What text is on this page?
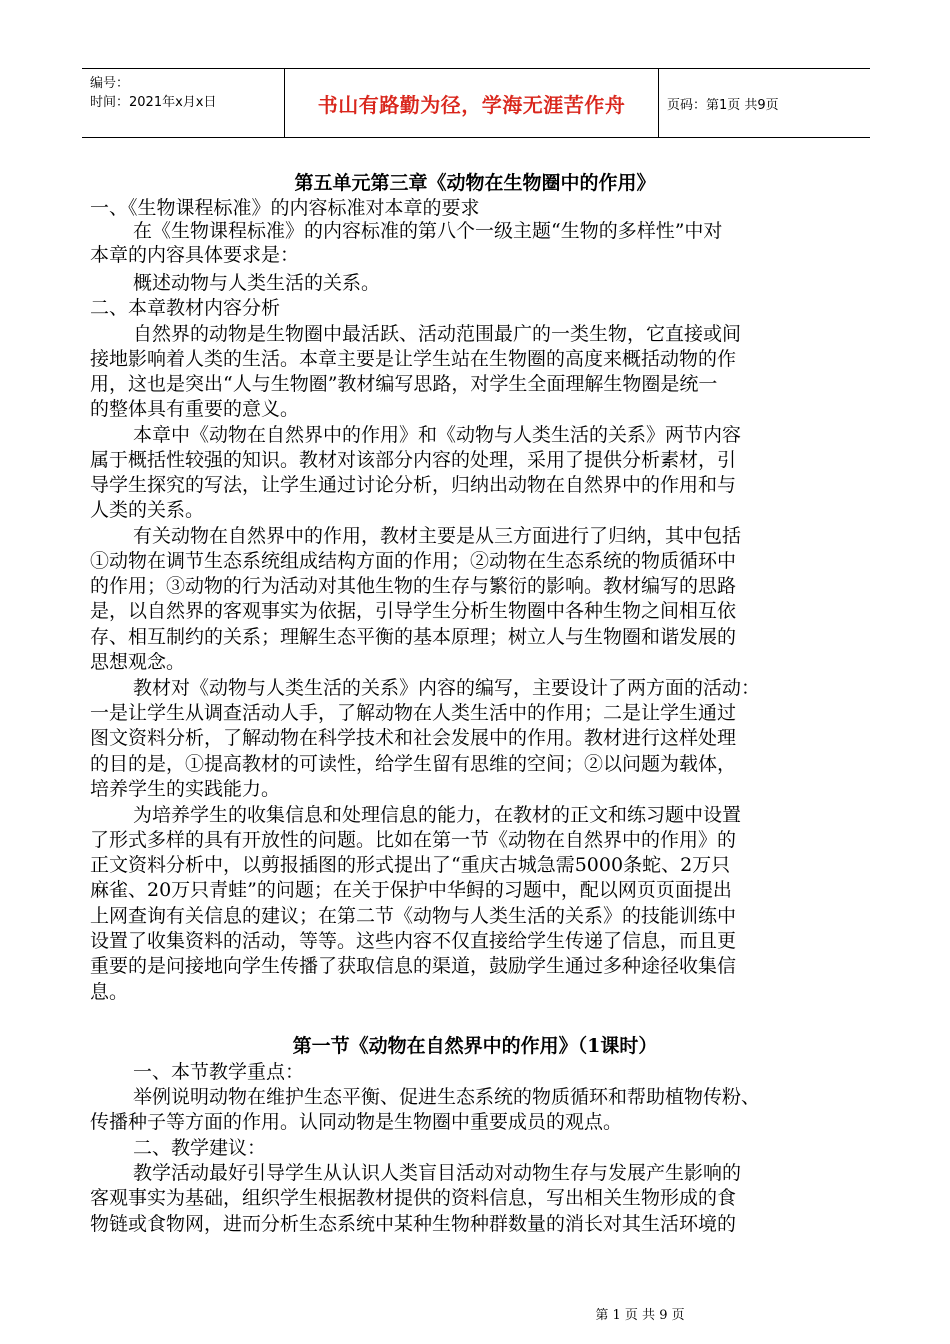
编号：
时间：2021年x月x日	书山有路勤为径，学海无涯苦作舟	页码：第1页 共9页
第五单元第三章《动物在生物圈中的作用》
一、《生物课程标准》的内容标准对本章的要求
在《生物课程标准》的内容标准的第八个一级主题“生物的多样性”中对
本章的内容具体要求是：
概述动物与人类生活的关系。
二、本章教材内容分析
自然界的动物是生物圈中最活跃、活动范围最广的一类生物，它直接或间
接地影响着人类的生活。本章主要是让学生站在生物圈的高度来概括动物的作
用，这也是突出“人与生物圈”教材编写思路，对学生全面理解生物圈是统一
的整体具有重要的意义。
本章中《动物在自然界中的作用》和《动物与人类生活的关系》两节内容
属于概括性较强的知识。教材对该部分内容的处理，采用了提供分析素材，引
导学生探究的写法，让学生通过讨论分析，归纳出动物在自然界中的作用和与
人类的关系。
有关动物在自然界中的作用，教材主要是从三方面进行了归纳，其中包括
①动物在调节生态系统组成结构方面的作用；②动物在生态系统的物质循环中
的作用；③动物的行为活动对其他生物的生存与繁衍的影响。教材编写的思路
是，以自然界的客观事实为依据，引导学生分析生物圈中各种生物之间相互依
存、相互制约的关系；理解生态平衡的基本原理；树立人与生物圈和谐发展的
思想观念。
教材对《动物与人类生活的关系》内容的编写，主要设计了两方面的活动：
一是让学生从调查活动人手，了解动物在人类生活中的作用；二是让学生通过
图文资料分析，了解动物在科学技术和社会发展中的作用。教材进行这样处理
的目的是，①提高教材的可读性，给学生留有思维的空间；②以问题为载体，
培养学生的实践能力。
为培养学生的收集信息和处理信息的能力，在教材的正文和练习题中设置
了形式多样的具有开放性的问题。比如在第一节《动物在自然界中的作用》的
正文资料分析中，以剪报插图的形式提出了“重庆古城急需5000条蛇、2万只
麻雀、20万只青蛙”的问题；在关于保护中华鲟的习题中，配以网页页面提出
上网查询有关信息的建议；在第二节《动物与人类生活的关系》的技能训练中
设置了收集资料的活动，等等。这些内容不仅直接给学生传递了信息，而且更
重要的是问接地向学生传播了获取信息的渠道，鼓励学生通过多种途径收集信
息。
第一节《动物在自然界中的作用》（1课时）
一、本节教学重点：
举例说明动物在维护生态平衡、促进生态系统的物质循环和帮助植物传粉、
传播种子等方面的作用。认同动物是生物圈中重要成员的观点。
二、教学建议：
教学活动最好引导学生从认识人类盲目活动对动物生存与发展产生影响的
客观事实为基础，组织学生根据教材提供的资料信息，写出相关生物形成的食
物链或食物网，进而分析生态系统中某种生物种群数量的消长对其生活环境的
第 1 页 共 9 页
